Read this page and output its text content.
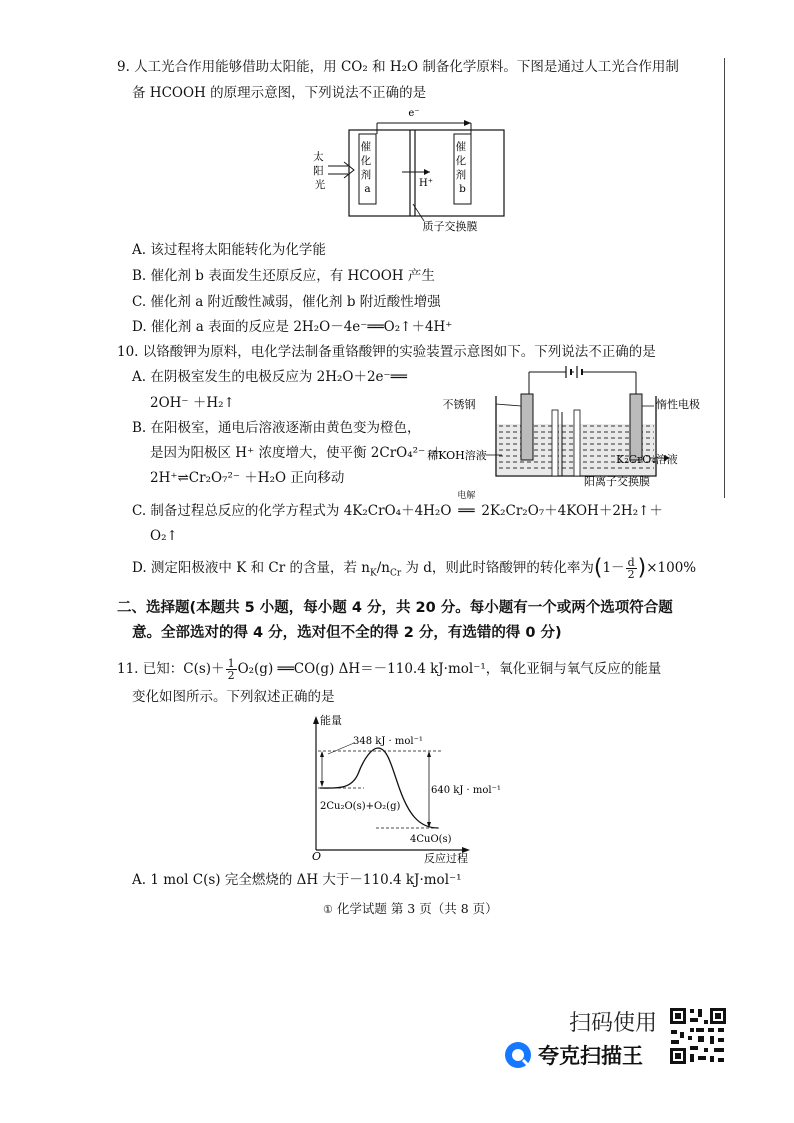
9. 人工光合作用能够借助太阳能，用 CO₂ 和 H₂O 制备化学原料。下图是通过人工光合作用制
备 HCOOH 的原理示意图，下列说法不正确的是
e⁻
催 化 剂 a
催 化 剂 b
太 阳 光	H⁺
质子交换膜
A. 该过程将太阳能转化为化学能
B. 催化剂 b 表面发生还原反应，有 HCOOH 产生
C. 催化剂 a 附近酸性减弱，催化剂 b 附近酸性增强
D. 催化剂 a 表面的反应是 2H₂O－4e⁻══O₂↑＋4H⁺
10. 以铬酸钾为原料，电化学法制备重铬酸钾的实验装置示意图如下。下列说法不正确的是
A. 在阴极室发生的电极反应为 2H₂O＋2e⁻══
2OH⁻ ＋H₂↑
B. 在阳极室，通电后溶液逐渐由黄色变为橙色，
是因为阳极区 H⁺ 浓度增大，使平衡 2CrO₄²⁻ ＋
2H⁺⇌Cr₂O₇²⁻ ＋H₂O 正向移动
不锈钢	惰性电极
稀KOH溶液
阳离子交换膜
K₂CrO₄溶液
C. 制备过程总反应的化学方程式为 4K₂CrO₄＋4H₂O
电解
══ 2K₂Cr₂O₇＋4KOH＋2H₂↑＋
O₂↑
D. 测定阳极液中 K 和 Cr 的含量，若 $n_K/n_{Cr}$ 为 d，则此时铬酸钾的转化率为$(1- \frac{d}{2} )\times 100\%$
二、选择题(本题共 5 小题，每小题 4 分，共 20 分。每小题有一个或两个选项符合题
意。全部选对的得 4 分，选对但不全的得 2 分，有选错的得 0 分)
11. 已知：$C(s)+ \frac{1}{2} O_2(g)$ ══CO(g) ΔH＝－110.4 kJ·mol⁻¹，氧化亚铜与氧气反应的能量
变化如图所示。下列叙述正确的是
能量
O	反应过程
348 kJ · mol⁻¹
640 kJ · mol⁻¹
2Cu₂O(s)+O₂(g)
4CuO(s)
A. 1 mol C(s) 完全燃烧的 ΔH 大于－110.4 kJ·mol⁻¹
① 化学试题 第 3 页（共 8 页）
扫码使用
夸克扫描王
